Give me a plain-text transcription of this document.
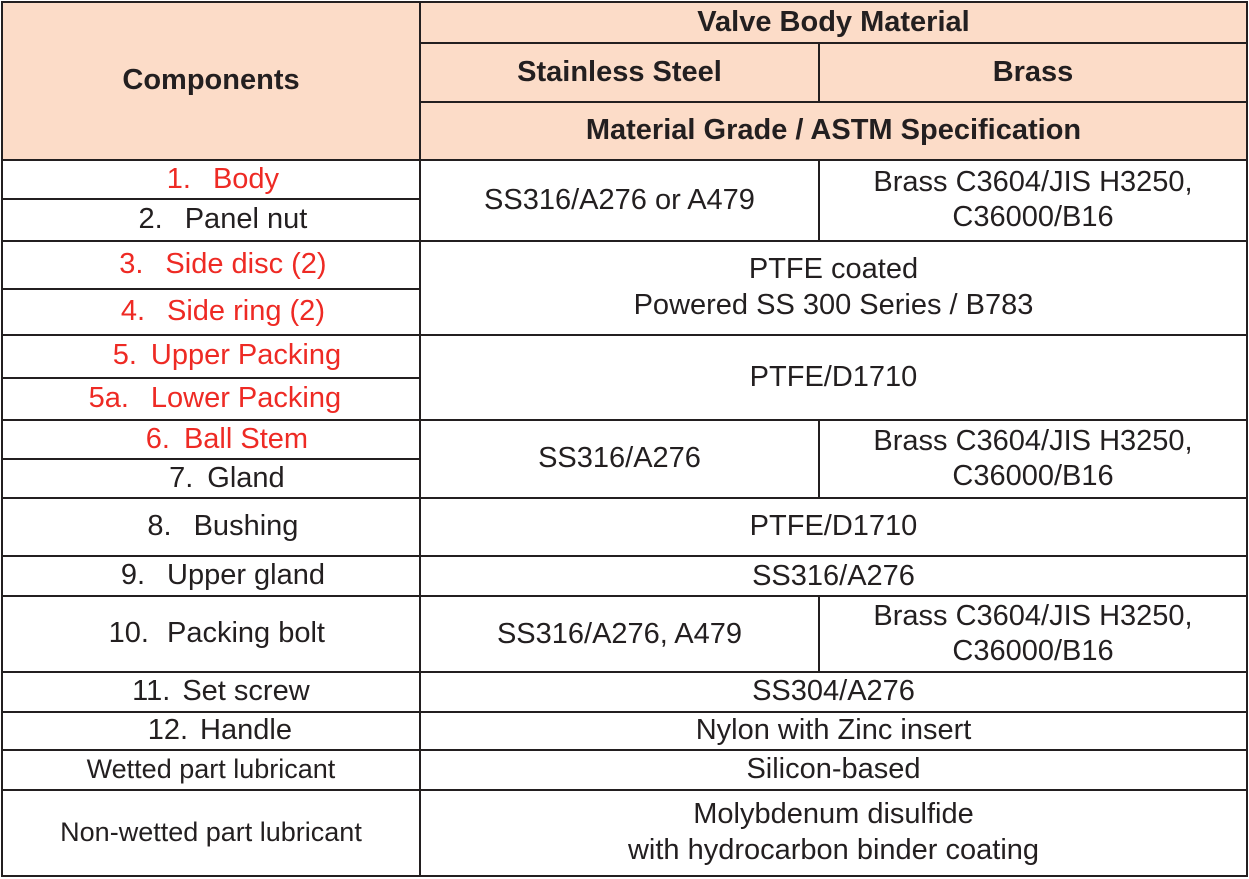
Components	Valve Body Material	
	Stainless Steel	Brass
	Material Grade / ASTM Specification	
1. Body	SS316/A276 or A479	Brass C3604/JIS H3250,
C36000/B16

2. Panel nut		
3. Side disc (2)	PTFE coated
Powered SS 300 Series / B783	

4. Side ring (2)		
5. Upper Packing	PTFE/D1710	
5a. Lower Packing		
6. Ball Stem	SS316/A276	Brass C3604/JIS H3250,
C36000/B16

7. Gland		
8. Bushing	PTFE/D1710	
9. Upper gland	SS316/A276	
10. Packing bolt	SS316/A276, A479	Brass C3604/JIS H3250,
C36000/B16

11. Set screw	SS304/A276	
12. Handle	Nylon with Zinc insert	
Wetted part lubricant	Silicon-based	
Non-wetted part lubricant	Molybdenum disulfide
with hydrocarbon binder coating	
